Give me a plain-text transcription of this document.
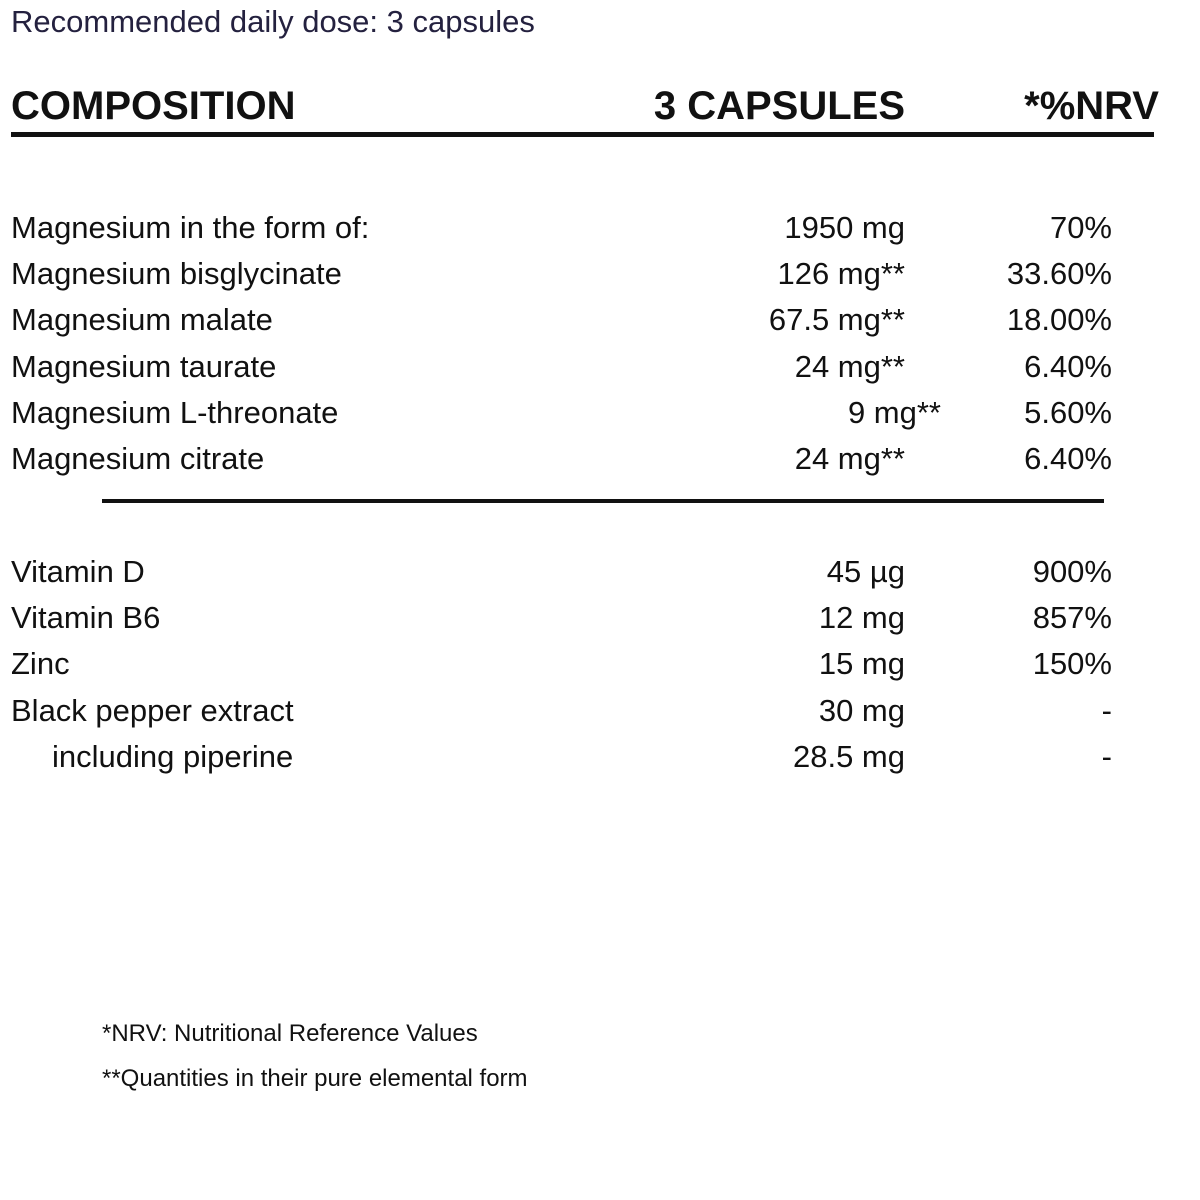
Recommended daily dose: 3 capsules
COMPOSITION	3 CAPSULES	*%NRV
Magnesium in the form of:	1950 mg	70%
Magnesium bisglycinate	126 mg**	33.60%
Magnesium malate	67.5 mg**	18.00%
Magnesium taurate	24 mg**	6.40%
Magnesium L-threonate	9 mg**	5.60%
Magnesium citrate	24 mg**	6.40%
Vitamin D	45 µg	900%
Vitamin B6	12 mg	857%
Zinc	15 mg	150%
Black pepper extract	30 mg	-
including piperine	28.5 mg	-
*NRV: Nutritional Reference Values
**Quantities in their pure elemental form
